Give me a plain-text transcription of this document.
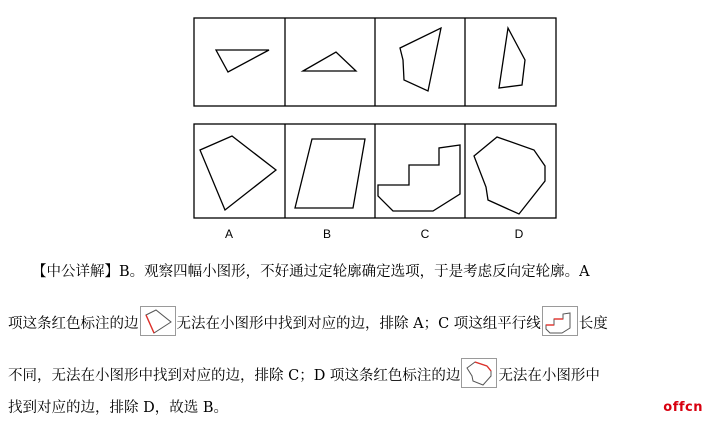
A	B	C	D
【中公详解】B。观察四幅小图形，不好通过定轮廓确定选项，于是考虑反向定轮廓。A
项这条红色标注的边	无法在小图形中找到对应的边，排除 A；C 项这组平行线	长度
不同，无法在小图形中找到对应的边，排除 C；D 项这条红色标注的边	无法在小图形中
找到对应的边，排除 D，故选 B。	offcn
